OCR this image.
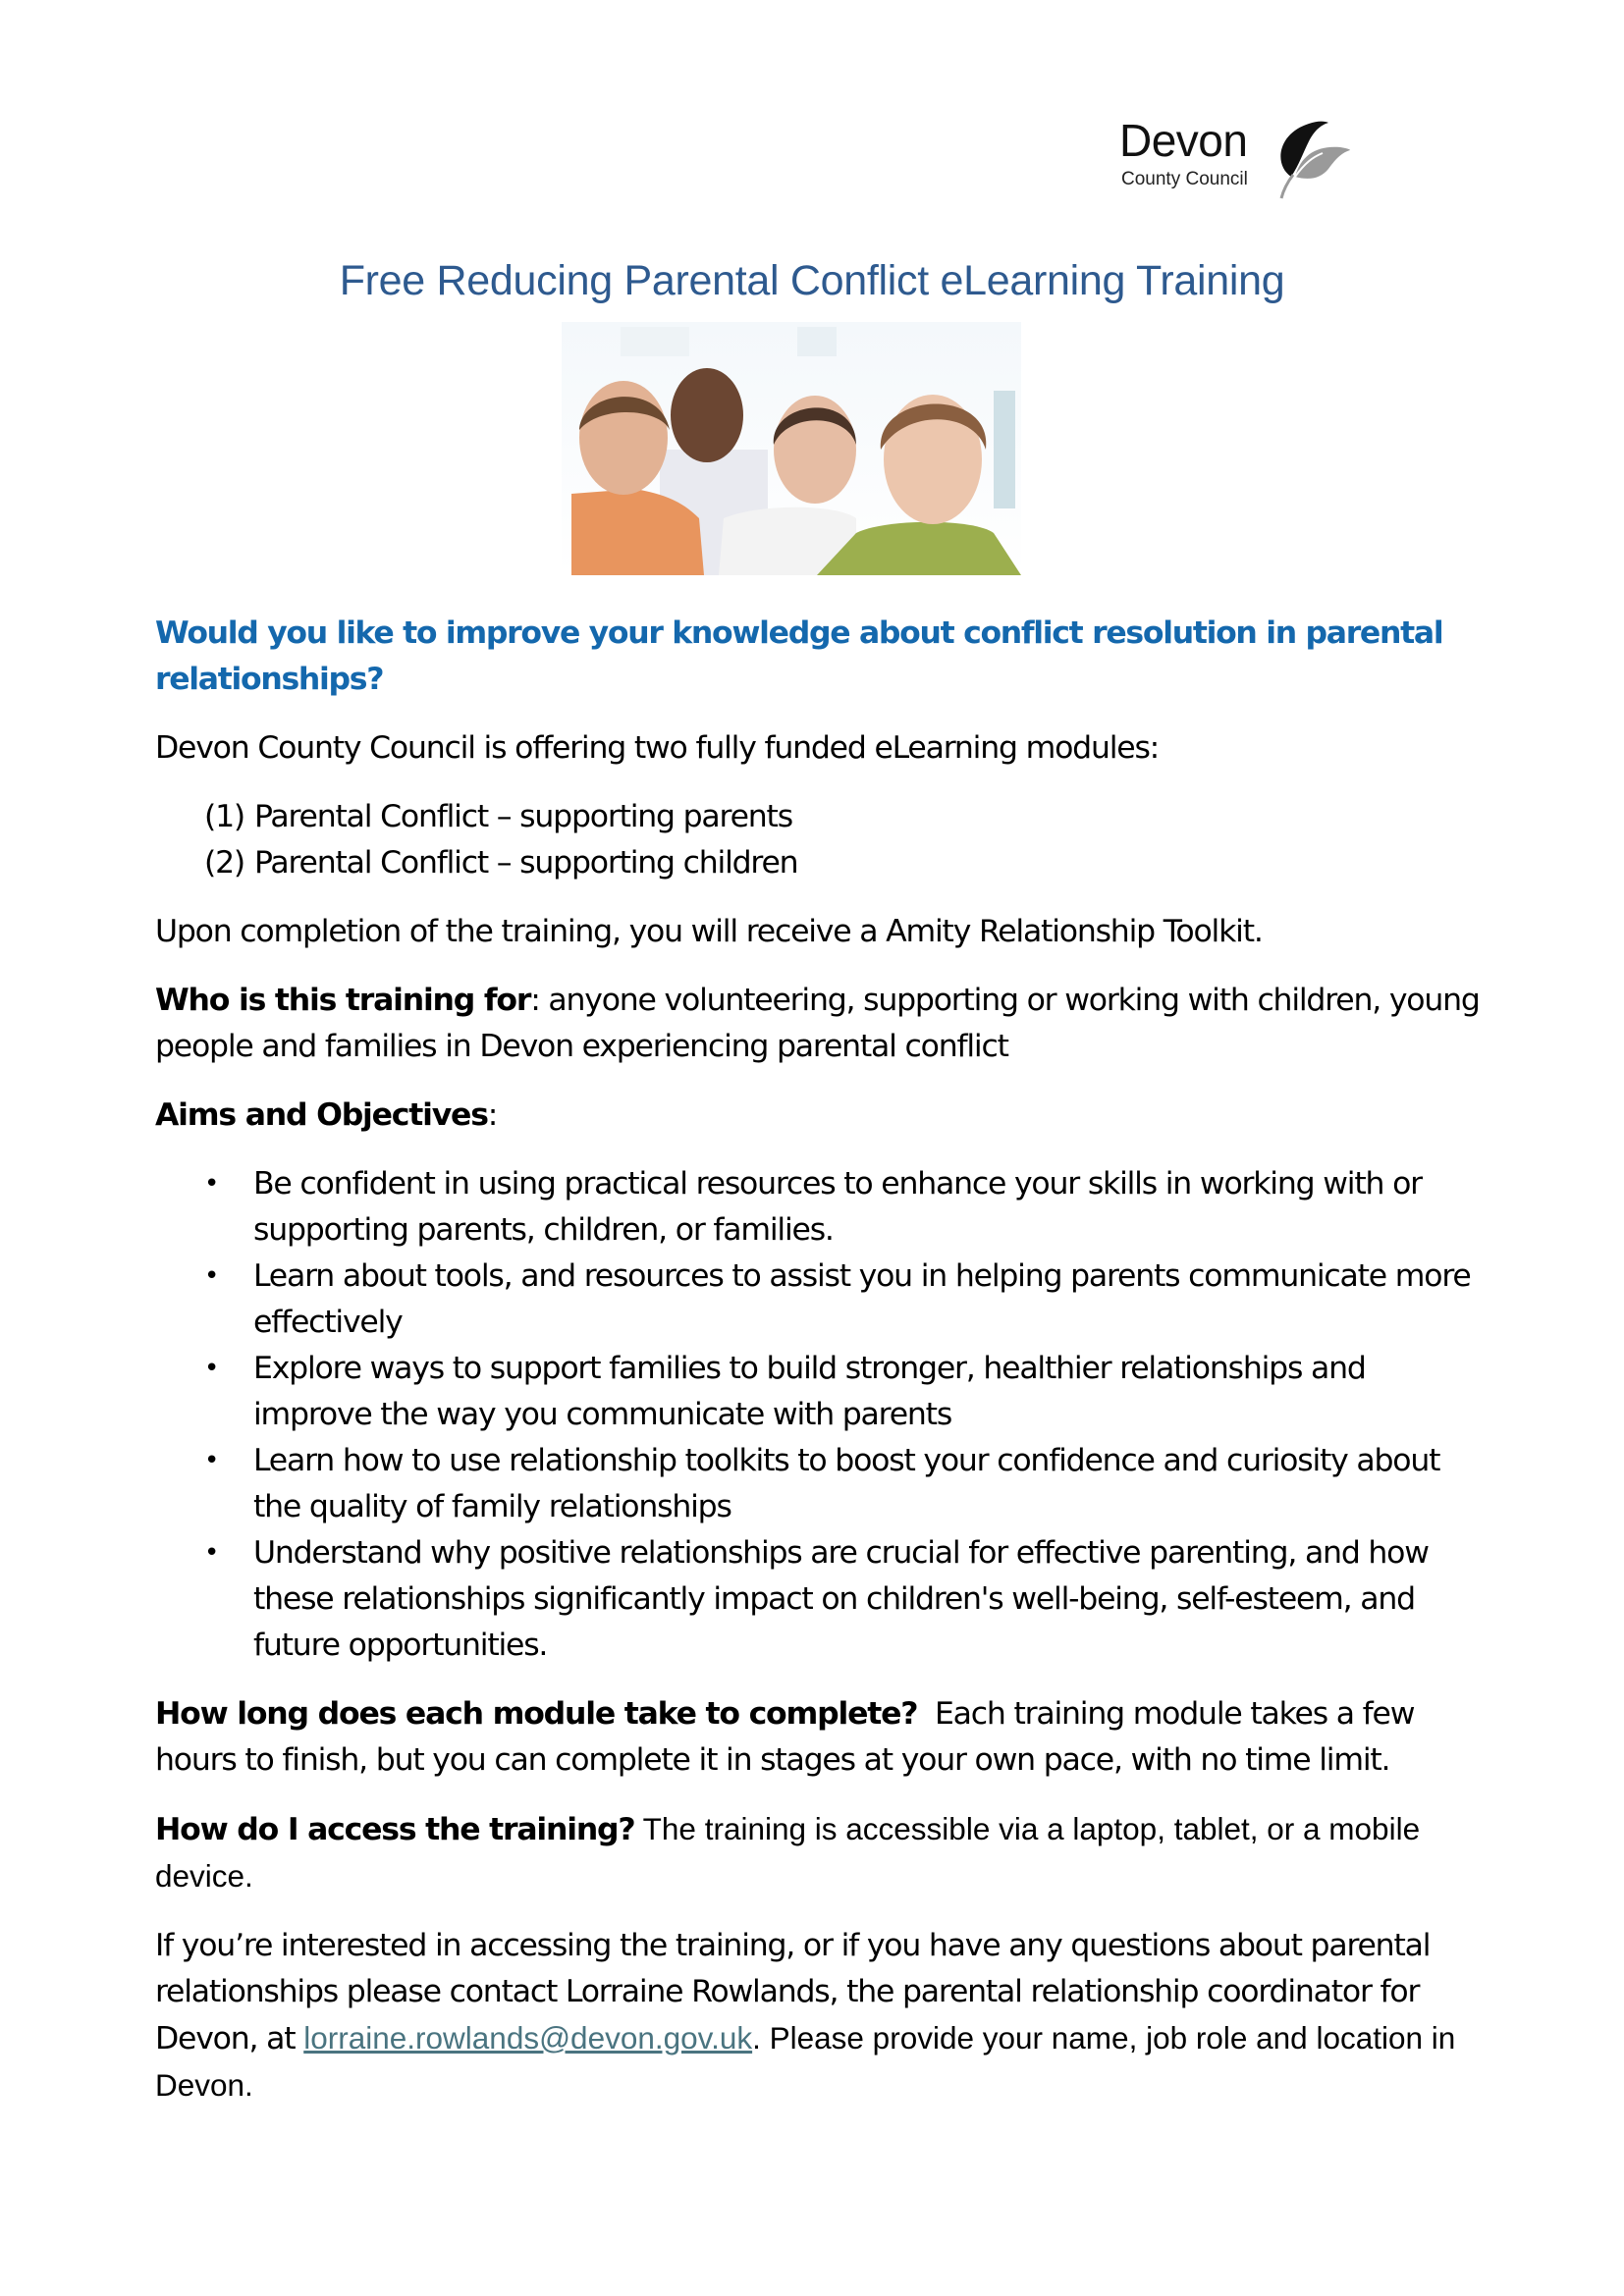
Devon
County Council
Free Reducing Parental Conflict eLearning Training

Would you like to improve your knowledge about conflict resolution in parental relationships?

Devon County Council is offering two fully funded eLearning modules:

(1) Parental Conflict – supporting parents
(2) Parental Conflict – supporting children

Upon completion of the training, you will receive a Amity Relationship Toolkit.

Who is this training for: anyone volunteering, supporting or working with children, young people and families in Devon experiencing parental conflict

Aims and Objectives:

•	Be confident in using practical resources to enhance your skills in working with or supporting parents, children, or families.
•	Learn about tools, and resources to assist you in helping parents communicate more effectively
•	Explore ways to support families to build stronger, healthier relationships and improve the way you communicate with parents
•	Learn how to use relationship toolkits to boost your confidence and curiosity about the quality of family relationships
•	Understand why positive relationships are crucial for effective parenting, and how these relationships significantly impact on children's well-being, self-esteem, and future opportunities.

How long does each module take to complete?  Each training module takes a few hours to finish, but you can complete it in stages at your own pace, with no time limit.

How do I access the training? The training is accessible via a laptop, tablet, or a mobile device.

If you’re interested in accessing the training, or if you have any questions about parental relationships please contact Lorraine Rowlands, the parental relationship coordinator for Devon, at lorraine.rowlands@devon.gov.uk. Please provide your name, job role and location in Devon.
